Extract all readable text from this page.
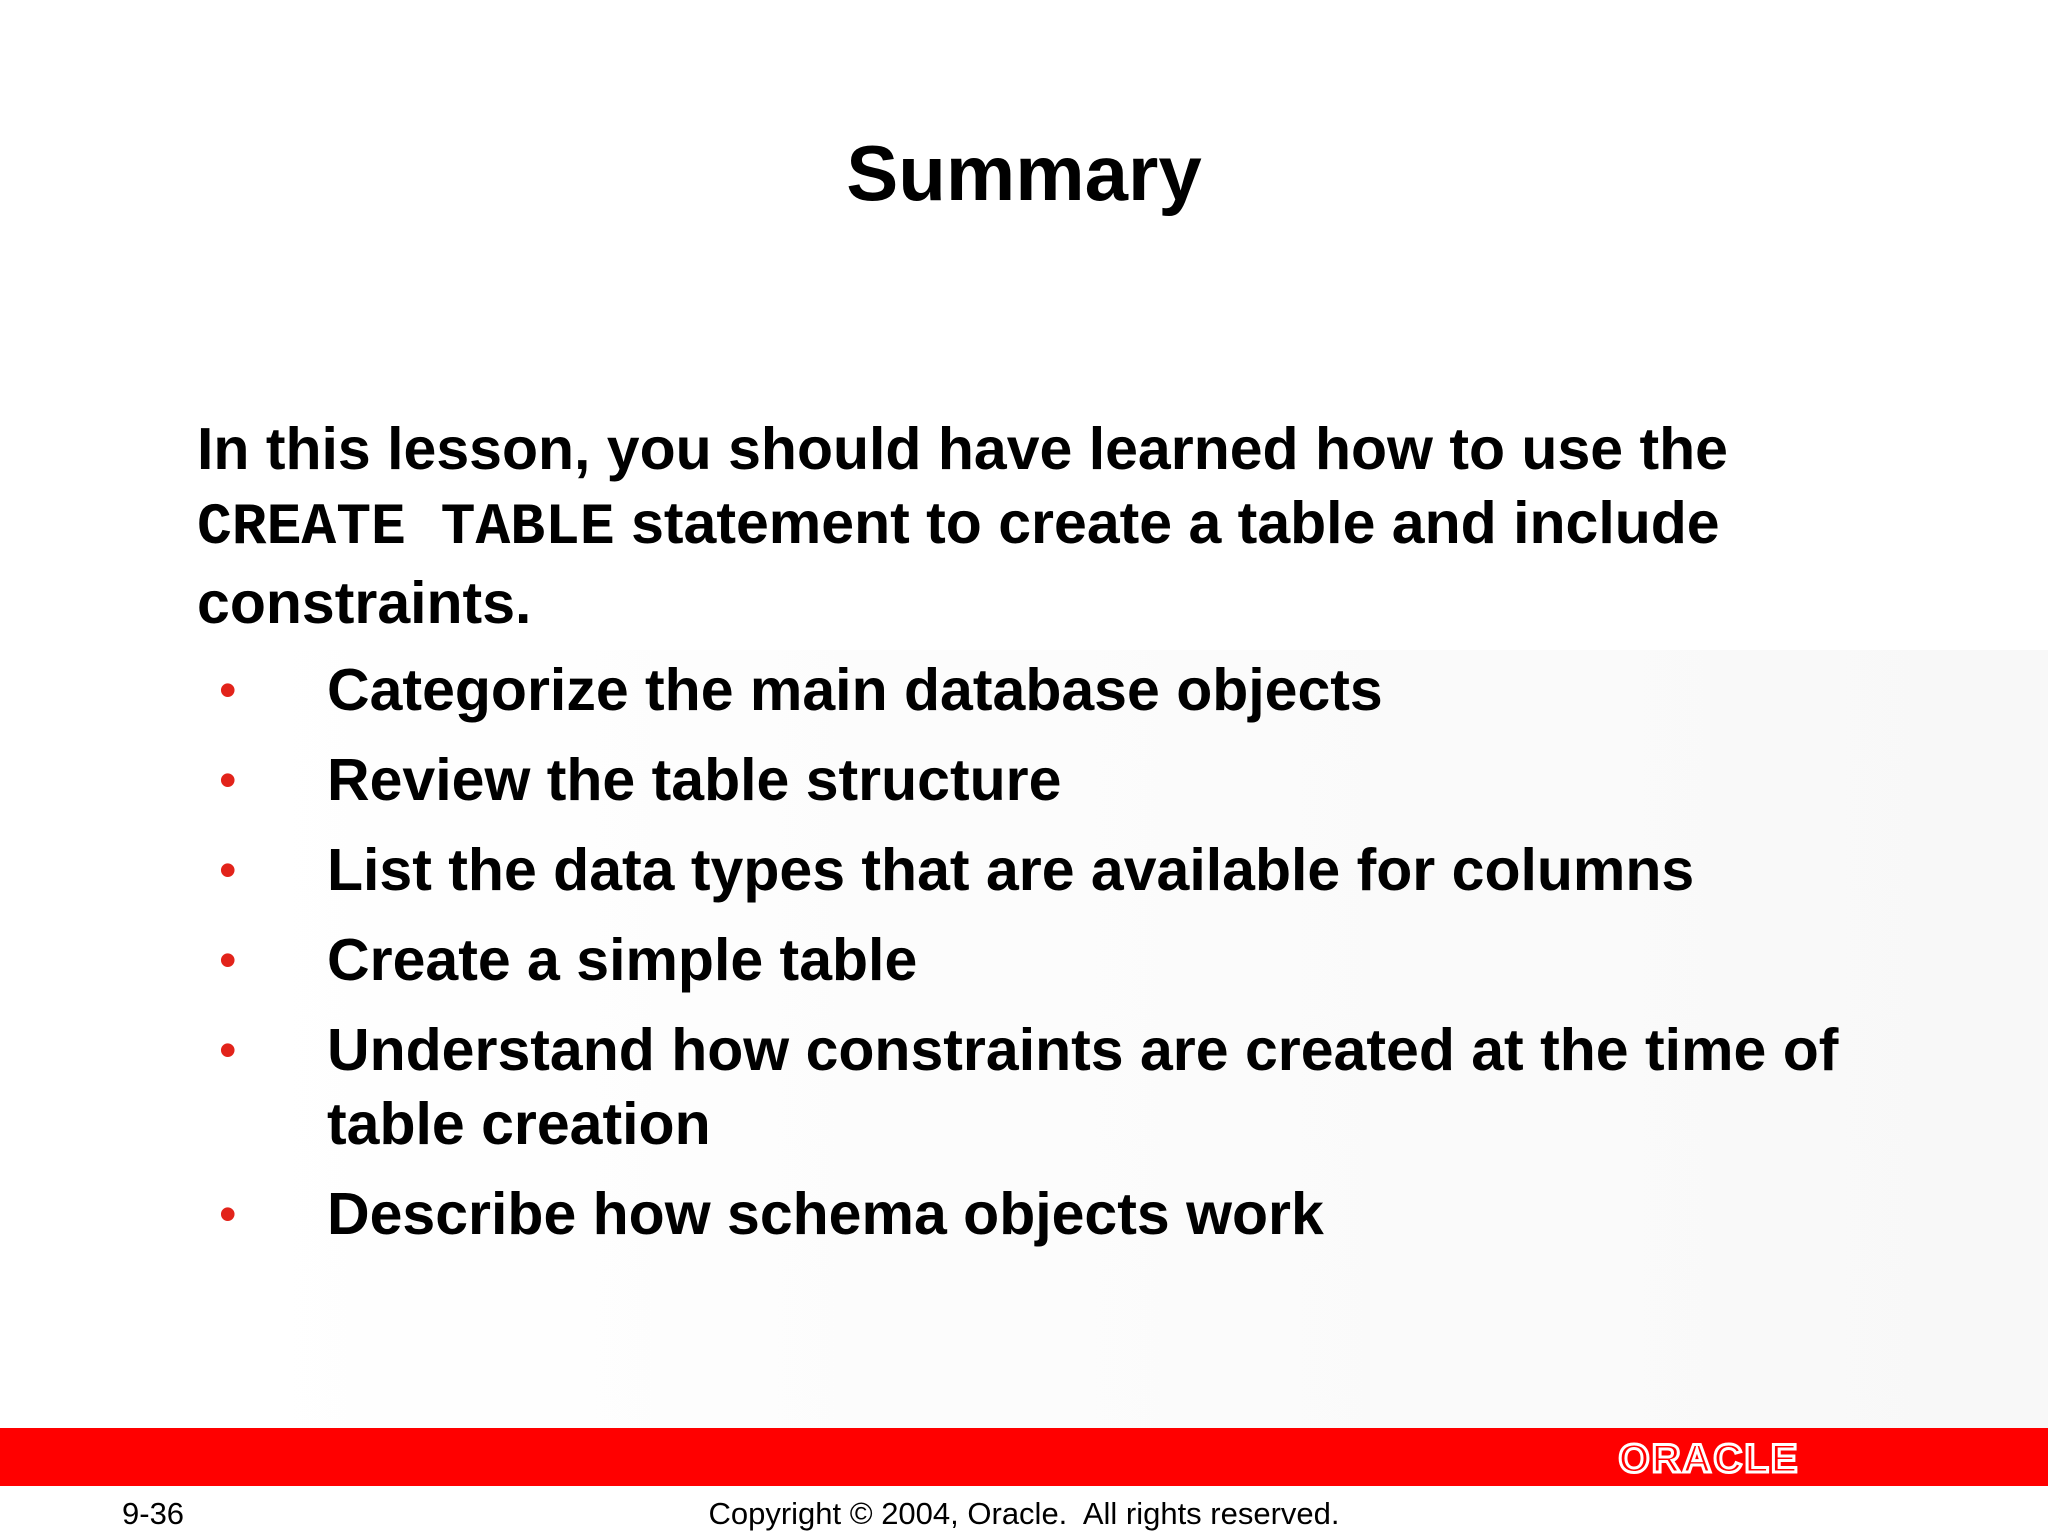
Summary

In this lesson, you should have learned how to use the CREATE TABLE statement to create a table and include constraints.

• Categorize the main database objects
• Review the table structure
• List the data types that are available for columns
• Create a simple table
• Understand how constraints are created at the time of table creation
• Describe how schema objects work
ORACLE
9-36	Copyright © 2004, Oracle.  All rights reserved.
